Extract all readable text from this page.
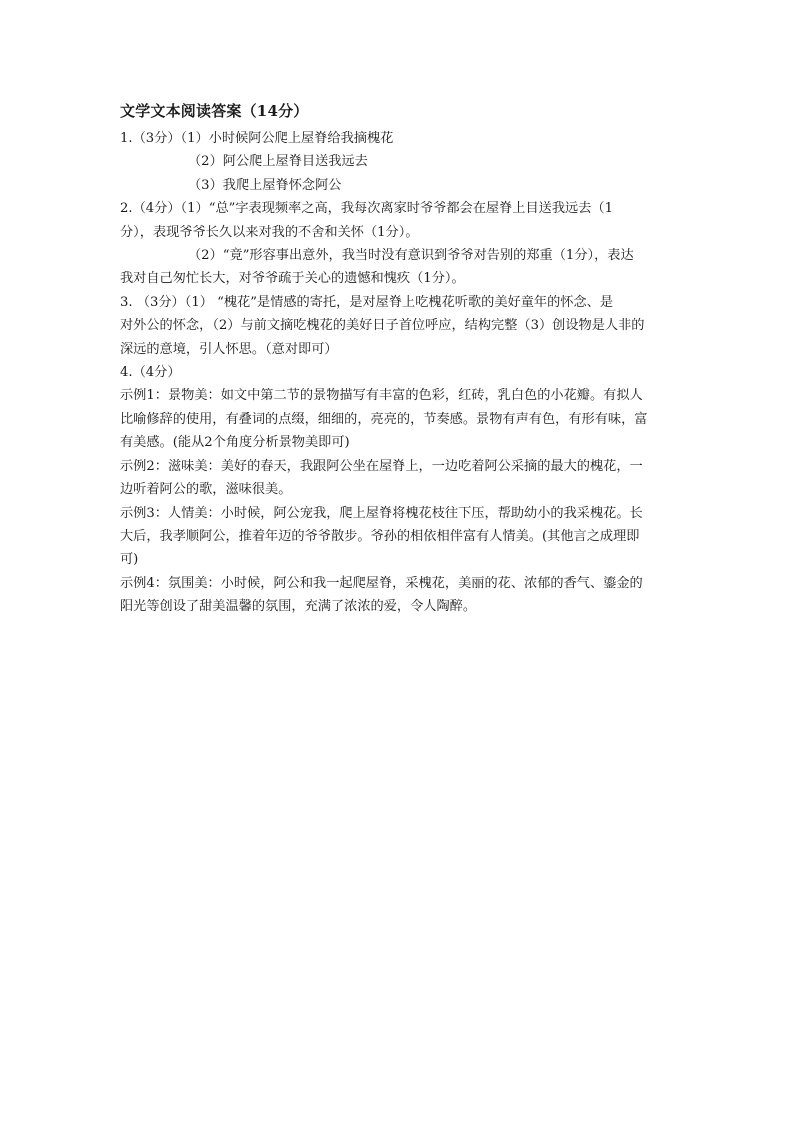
文学文本阅读答案（14分）
1.（3分）（1）小时候阿公爬上屋脊给我摘槐花
（2）阿公爬上屋脊目送我远去
（3）我爬上屋脊怀念阿公
2.（4分）（1）“总”字表现频率之高，我每次离家时爷爷都会在屋脊上目送我远去（1
分），表现爷爷长久以来对我的不舍和关怀（1分）。
（2）“竟”形容事出意外，我当时没有意识到爷爷对告别的郑重（1分），表达
我对自己匆忙长大，对爷爷疏于关心的遗憾和愧疚（1分）。
3. （3分）（1） “槐花”是情感的寄托，是对屋脊上吃槐花听歌的美好童年的怀念、是
对外公的怀念，（2）与前文摘吃槐花的美好日子首位呼应，结构完整（3）创设物是人非的
深远的意境，引人怀思。（意对即可）
4.（4分）
示例1：景物美：如文中第二节的景物描写有丰富的色彩，红砖，乳白色的小花瓣。有拟人
比喻修辞的使用，有叠词的点缀，细细的，亮亮的，节奏感。景物有声有色，有形有味，富
有美感。(能从2个角度分析景物美即可)
示例2：滋味美：美好的春天，我跟阿公坐在屋脊上，一边吃着阿公采摘的最大的槐花，一
边听着阿公的歌，滋味很美。
示例3：人情美：小时候，阿公宠我，爬上屋脊将槐花枝往下压，帮助幼小的我采槐花。长
大后，我孝顺阿公，推着年迈的爷爷散步。爷孙的相依相伴富有人情美。(其他言之成理即
可)
示例4：氛围美：小时候，阿公和我一起爬屋脊，采槐花，美丽的花、浓郁的香气、鎏金的
阳光等创设了甜美温馨的氛围，充满了浓浓的爱，令人陶醉。
